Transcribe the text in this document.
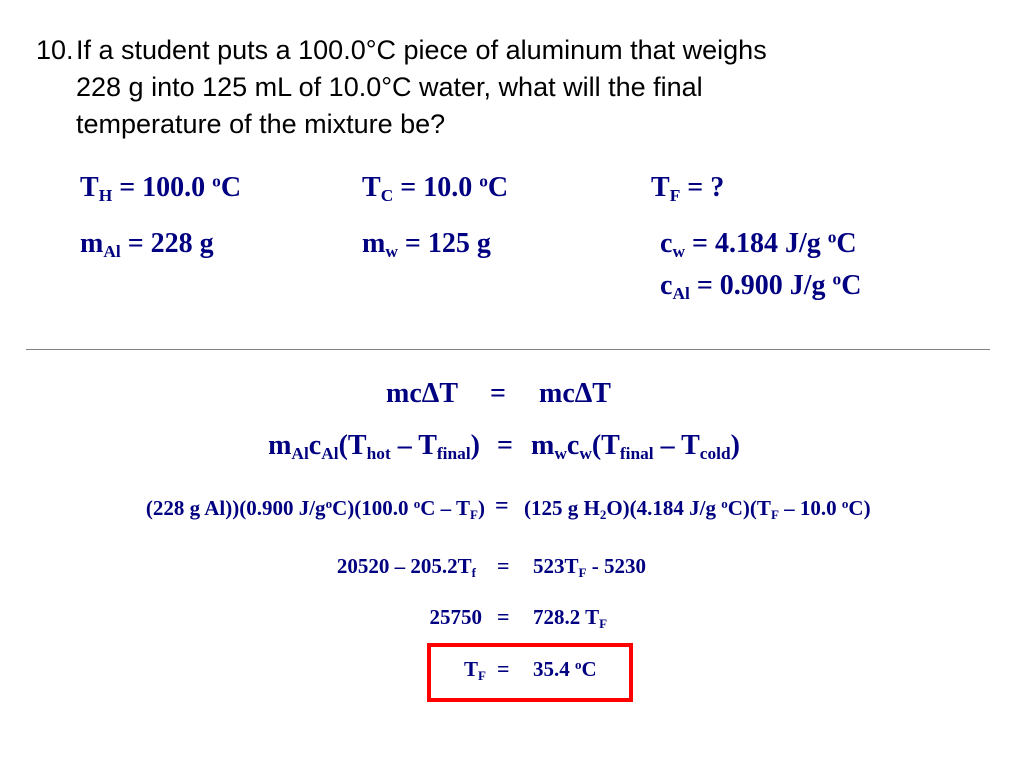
10.If a student puts a 100.0°C piece of aluminum that weighs
228 g into 125 mL of 10.0°C water, what will the final
temperature of the mixture be?
$T_H = 100.0$ $^o$C	$T_C = 10.0$ $^o$C	$T_F$ = ?
$m_{Al} = 228$ g	$m_w = 125$ g	$c_w = 4.184$ J/g $^o$C
$c_{Al} = 0.900$ J/g $^o$C
mcΔT = mcΔT
$m_{Al}c_{Al}(T_{hot} - T_{final}) = m_wc_w(T_{final} - T_{cold})$
(228 g Al))(0.900 $J/g^oC)(100.0$ $^oC - T_F) = (125$ g $H_2O)(4.184$ J/g $^oC)(T_F - 10.0$ $^o$C)
$20520 - 205.2T_f = 523T_F - 5230$
25750 = 728.2 $T_F$
$T_F = 35.4$ $^o$C
